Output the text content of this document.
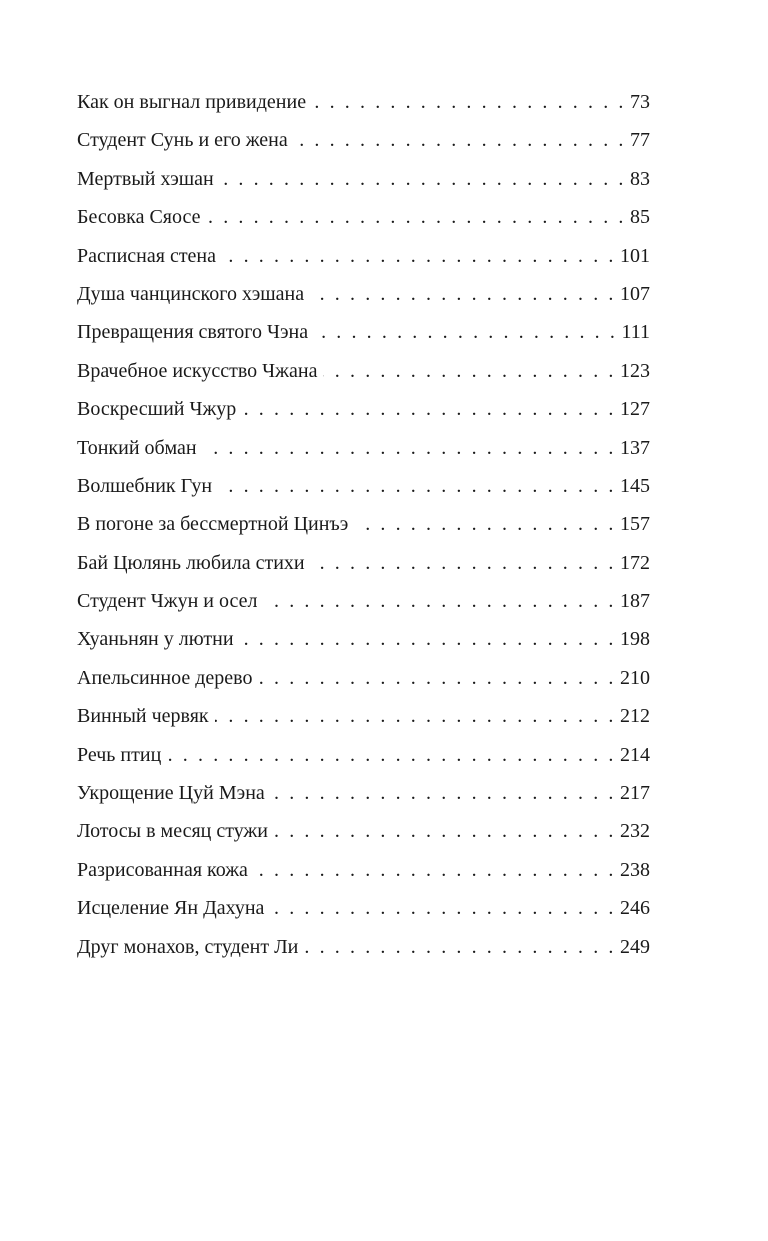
Как он выгнал привидение . . .	73
Студент Сунь и его жена . . .	77
Мертвый хэшан . . .	83
Бесовка Сяосе . . .	85
Расписная стена . . .	101
Душа чанцинского хэшана . . .	107
Превращения святого Чэна . . .	111
Врачебное искусство Чжана . . .	123
Воскресший Чжур . . .	127
Тонкий обман . . .	137
Волшебник Гун . . .	145
В погоне за бессмертной Цинъэ . . .	157
Бай Цюлянь любила стихи . . .	172
Студент Чжун и осел . . .	187
Хуаньнян у лютни . . .	198
Апельсинное дерево . . .	210
Винный червяк . . .	212
Речь птиц . . .	214
Укрощение Цуй Мэна . . .	217
Лотосы в месяц стужи . . .	232
Разрисованная кожа . . .	238
Исцеление Ян Дахуна . . .	246
Друг монахов, студент Ли . . .	249
